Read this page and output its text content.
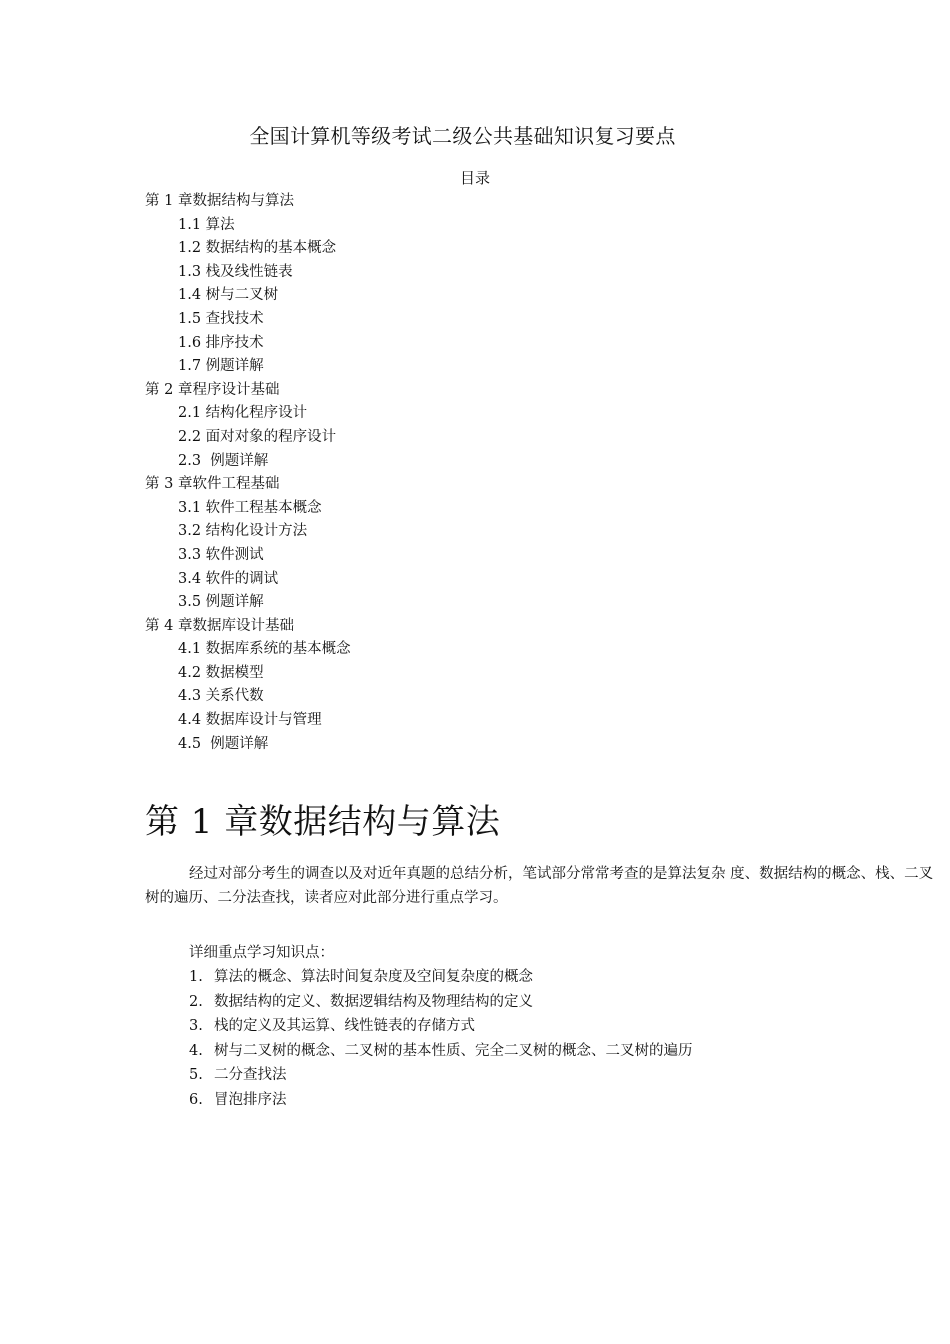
全国计算机等级考试二级公共基础知识复习要点
目录
第 1 章数据结构与算法
1.1 算法
1.2 数据结构的基本概念
1.3 栈及线性链表
1.4 树与二叉树
1.5 查找技术
1.6 排序技术
1.7 例题详解
第 2 章程序设计基础
2.1 结构化程序设计
2.2 面对对象的程序设计
2.3  例题详解
第 3 章软件工程基础
3.1 软件工程基本概念
3.2 结构化设计方法
3.3 软件测试
3.4 软件的调试
3.5 例题详解
第 4 章数据库设计基础
4.1 数据库系统的基本概念
4.2 数据模型
4.3 关系代数
4.4 数据库设计与管理
4.5  例题详解
第 1 章数据结构与算法

经过对部分考生的调查以及对近年真题的总结分析，笔试部分常常考查的是算法复杂 度、数据结构的概念、栈、二叉树的遍历、二分法查找，读者应对此部分进行重点学习。

详细重点学习知识点：
1. 算法的概念、算法时间复杂度及空间复杂度的概念
2. 数据结构的定义、数据逻辑结构及物理结构的定义
3. 栈的定义及其运算、线性链表的存储方式
4. 树与二叉树的概念、二叉树的基本性质、完全二叉树的概念、二叉树的遍历
5. 二分查找法
6. 冒泡排序法
